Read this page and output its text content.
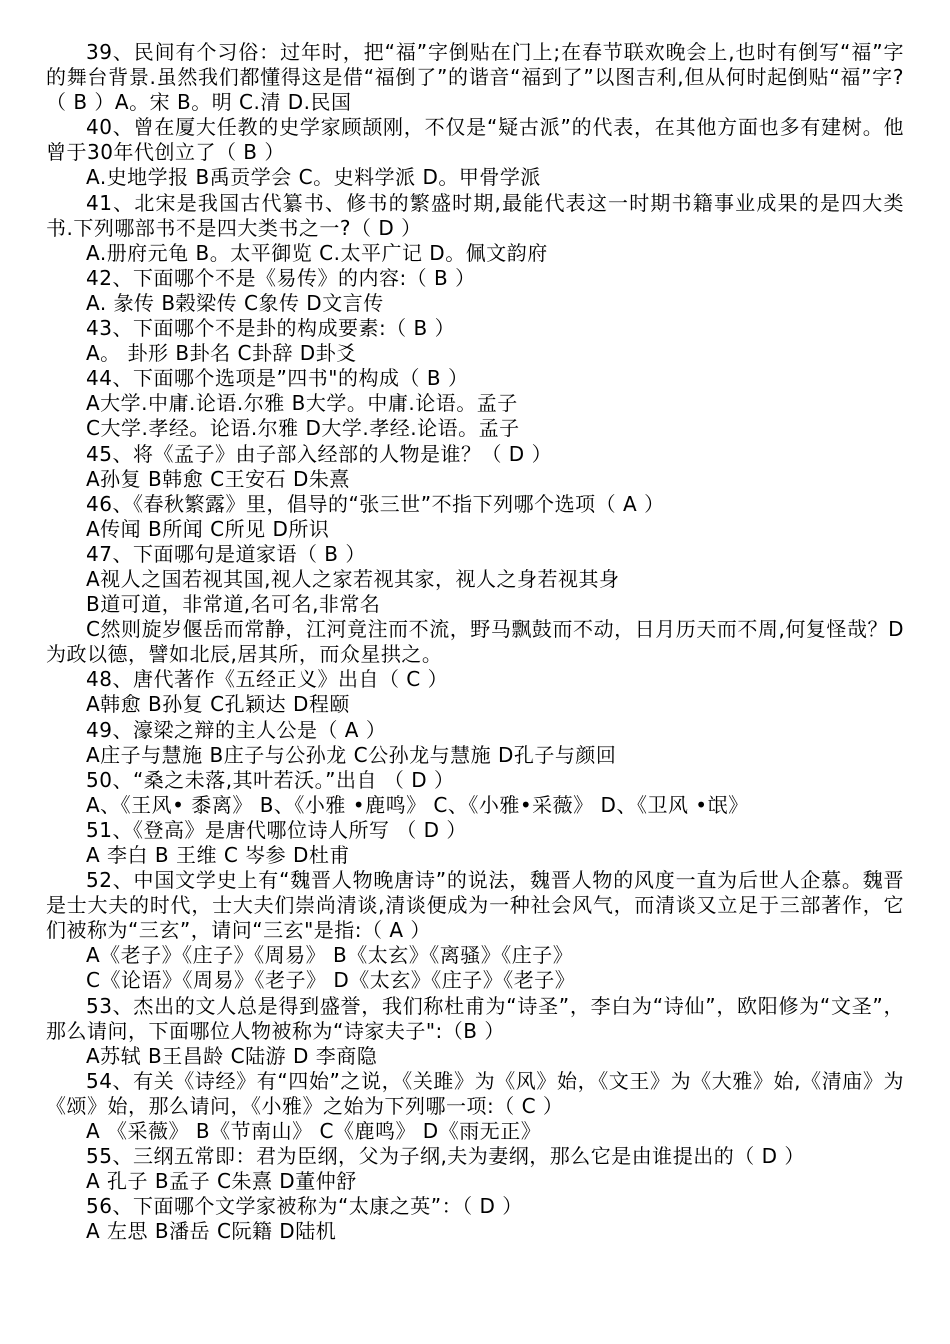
39、民间有个习俗：过年时，把“福”字倒贴在门上;在春节联欢晚会上,也时有倒写“福”字的舞台背景.虽然我们都懂得这是借“福倒了”的谐音“福到了”以图吉利,但从何时起倒贴“福”字?（ B ）A。宋 B。明 C.清 D.民国

40、曾在厦大任教的史学家顾颉刚，不仅是“疑古派”的代表，在其他方面也多有建树。他曾于30年代创立了（ B ）

A.史地学报 B禹贡学会 C。史料学派 D。甲骨学派

41、北宋是我国古代纂书、修书的繁盛时期,最能代表这一时期书籍事业成果的是四大类书.下列哪部书不是四大类书之一?（ D ）

A.册府元龟 B。太平御览 C.太平广记 D。佩文韵府

42、下面哪个不是《易传》的内容:（ B ）

A. 彖传 B榖梁传 C象传 D文言传

43、下面哪个不是卦的构成要素:（ B ）

A。 卦形 B卦名 C卦辞 D卦爻

44、下面哪个选项是”四书"的构成（ B ）

A大学.中庸.论语.尔雅 B大学。中庸.论语。孟子

C大学.孝经。论语.尔雅 D大学.孝经.论语。孟子

45、将《孟子》由子部入经部的人物是谁？（ D ）

A孙复 B韩愈 C王安石 D朱熹

46、《春秋繁露》里，倡导的“张三世”不指下列哪个选项（ A ）

A传闻 B所闻 C所见 D所识

47、下面哪句是道家语（ B ）

A视人之国若视其国,视人之家若视其家，视人之身若视其身

B道可道，非常道,名可名,非常名

C然则旋岁偃岳而常静，江河竟注而不流，野马飘鼓而不动，日月历天而不周,何复怪哉？D为政以德，譬如北辰,居其所，而众星拱之。

48、唐代著作《五经正义》出自（ C ）

A韩愈 B孙复 C孔颖达 D程颐

49、濠梁之辩的主人公是（ A ）

A庄子与慧施 B庄子与公孙龙 C公孙龙与慧施 D孔子与颜回

50、“桑之未落,其叶若沃。”出自 （ D ）

A、《王风• 黍离》 B、《小雅 •鹿鸣》 C、《小雅•采薇》 D、《卫风 •氓》

51、《登高》是唐代哪位诗人所写 （ D ）

A 李白 B 王维 C 岑参 D杜甫

52、中国文学史上有“魏晋人物晚唐诗”的说法，魏晋人物的风度一直为后世人企慕。魏晋是士大夫的时代，士大夫们崇尚清谈,清谈便成为一种社会风气，而清谈又立足于三部著作，它们被称为“三玄”，请问“三玄"是指:（ A ）

A《老子》《庄子》《周易》 B《太玄》《离骚》《庄子》

C《论语》《周易》《老子》 D《太玄》《庄子》《老子》

53、杰出的文人总是得到盛誉，我们称杜甫为“诗圣”，李白为“诗仙”，欧阳修为“文圣”，那么请问，下面哪位人物被称为“诗家夫子":（B ）

A苏轼 B王昌龄 C陆游 D 李商隐

54、有关《诗经》有“四始”之说，《关雎》为《风》始，《文王》为《大雅》始,《清庙》为《颂》始，那么请问，《小雅》之始为下列哪一项:（ C ）

A 《采薇》 B《节南山》 C《鹿鸣》 D《雨无正》

55、三纲五常即：君为臣纲，父为子纲,夫为妻纲，那么它是由谁提出的（ D ）

A 孔子 B孟子 C朱熹 D董仲舒

56、下面哪个文学家被称为“太康之英”：（ D ）

A 左思 B潘岳 C阮籍 D陆机
